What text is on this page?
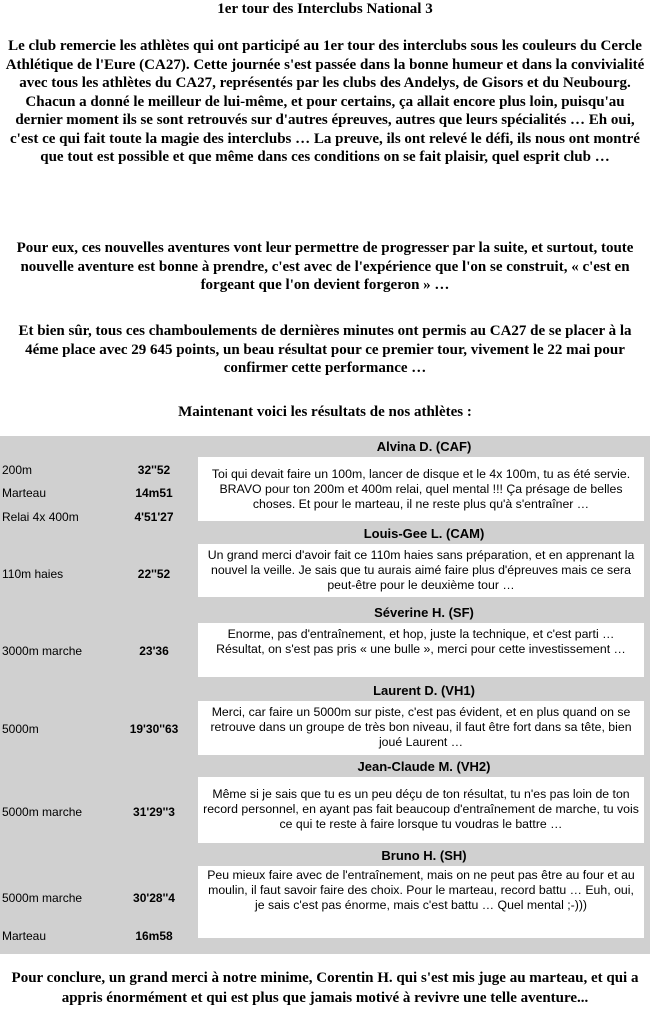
1er tour des Interclubs National 3

Le club remercie les athlètes qui ont participé au 1er tour des interclubs sous les couleurs du Cercle Athlétique de l'Eure (CA27). Cette journée s'est passée dans la bonne humeur et dans la convivialité avec tous les athlètes du CA27, représentés par les clubs des Andelys, de Gisors et du Neubourg. Chacun a donné le meilleur de lui-même, et pour certains, ça allait encore plus loin, puisqu'au dernier moment ils se sont retrouvés sur d'autres épreuves, autres que leurs spécialités … Eh oui, c'est ce qui fait toute la magie des interclubs … La preuve, ils ont relevé le défi, ils nous ont montré que tout est possible et que même dans ces conditions on se fait plaisir, quel esprit club …

Pour eux, ces nouvelles aventures vont leur permettre de progresser par la suite, et surtout, toute nouvelle aventure est bonne à prendre, c'est avec de l'expérience que l'on se construit, « c'est en forgeant que l'on devient forgeron » …

Et bien sûr, tous ces chamboulements de dernières minutes ont permis au CA27 de se placer à la 4éme place avec 29 645 points, un beau résultat pour ce premier tour, vivement le 22 mai pour confirmer cette performance …

Maintenant voici les résultats de nos athlètes :

Alvina D. (CAF)
Toi qui devait faire un 100m, lancer de disque et le 4x 100m, tu as été servie. BRAVO pour ton 200m et 400m relai, quel mental !!! Ça présage de belles choses. Et pour le marteau, il ne reste plus qu'à s'entraîner …
200m	32''52
Marteau	14m51
Relai 4x 400m	4'51'27
Louis-Gee L. (CAM)
Un grand merci d'avoir fait ce 110m haies sans préparation, et en apprenant la nouvel la veille. Je sais que tu aurais aimé faire plus d'épreuves mais ce sera peut-être pour le deuxième tour …
110m haies	22''52
Séverine H. (SF)
Enorme, pas d'entraînement, et hop, juste la technique, et c'est parti … Résultat, on s'est pas pris « une bulle », merci pour cette investissement …
3000m marche	23'36
Laurent D. (VH1)
Merci, car faire un 5000m sur piste, c'est pas évident, et en plus quand on se retrouve dans un groupe de très bon niveau, il faut être fort dans sa tête, bien joué Laurent …
5000m	19'30''63
Jean-Claude M. (VH2)
Même si je sais que tu es un peu déçu de ton résultat, tu n'es pas loin de ton record personnel, en ayant pas fait beaucoup d'entraînement de marche, tu vois ce qui te reste à faire lorsque tu voudras le battre …
5000m marche	31'29''3
Bruno H. (SH)
Peu mieux faire avec de l'entraînement, mais on ne peut pas être au four et au moulin, il faut savoir faire des choix. Pour le marteau, record battu … Euh, oui, je sais c'est pas énorme, mais c'est battu … Quel mental ;-)))
5000m marche	30'28''4
Marteau	16m58

Pour conclure, un grand merci à notre minime, Corentin H. qui s'est mis juge au marteau, et qui a appris énormément et qui est plus que jamais motivé à revivre une telle aventure...
